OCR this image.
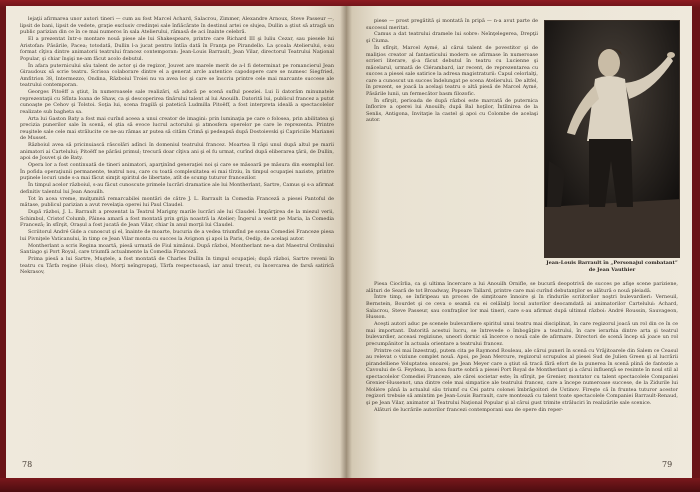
lejaţii afirmarea unor autori tineri — cum au fost Marcel Achard, Salacrou, Zimmer, Alexandre Arnoux, Steve Passeur —, lipsit de bani, lipsit de vedete, graţie exclusiv credinţei sale înfiăcărate în destinul artei ce slujea, Dullin a ştiut să atragă un public parizian din ce în ce mai numeros în sala Atelierului, rămasă de aci înainte celebră.

El a prezentat într-o montare nouă piese ale lui Shakespeare, printre care Richard III şi Iuliu Cezar, sau piesele lui Aristofan: Păsările, Pacea; totodată, Dullin l-a jucat pentru întîia dată în Franţa pe Pirandello. La şcoala Atelierului, s-au format cîţiva dintre animatorii teatrului francez contemporan: Jean-Louis Barrault, Jean Vilar, directorul Teatrului Naţional Popular, şi chiar înşişi ne-am făcut acolo debutul.

În afara puternicului său talent de actor şi de regizor, Jouvet are marele merit de a-l fi determinat pe romancierul Jean Giraudoux să scrie teatru. Scrisoa colaborare dintre el a generat arcle autentice capodopere care se numesc Siegfried, Amfitrion 38, Intermezzo, Ondina, Războiul Troiei nu va avea loc şi care se înscriu printre cele mai marcante succese ale teatrului contemporan.

Georges Pitoëff a ştiut, în numeroasele sale realizări, să aducă pe scenă suflul poeziei. Lui îi datorăm minunatele reprezentaţii cu Sfînta Ioana de Shaw, ca şi descoperirea tînărului talent al lui Anouilh. Datorită lui, publicul francez a putut cunoaşte pe Cehov şi Tolstoi. Soţia lui, scena fragilă şi patetică Ludmilla Pitoëff, a fost interpreta ideală a spectacolelor realizate sub bagheta sa.

Arta lui Gaston Baty a fost mai curînd aceea a unui creator de imagini: prin luminaţia pe care o folosea, prin abilitatea şi precizia punerilor sale în scenă, el ştia să evoce lucrul actorului şi atmosfera operelor pe care le reprezenta. Printre reuşitele sale cele mai strălucite ce ne-au rămas ar putea să cităm Crimă şi pedeapsă după Dostoievski şi Capriciile Marianei de Musset.

Războiul avea să pricinuiască răscolări adînci în domeniul teatrului francez. Moartea îl răpi unul după altul pe marii animatori ai Cartelului; Pitoëff ne părăsi primul; trecură doar cîţiva ani şi el fu urmat, curînd după eliberarea ţării, de Dullin, apoi de Jouvet şi de Baty.

Opera lor a fost continuată de tineri animatori, aparţinînd generaţiei noi şi care se măsoară pe măsura din exemplul lor. În pofida operaţiunii permanente, teatrul nou, care cu toată complexitatea ei mai tîrziu, în timpul ocupaţiei naziste, printre puţinele locuri unde s-a mai făcut simţit spiritul de libertate, atît de scump tuturor francezilor.

În timpul acelor războiul, s-au făcut cunoscute primele lucrări dramatice ale lui Montherlant, Sartre, Camus şi s-a afirmat definitiv talentul lui Jean Anouilh.

Tot în acea vreme, mulţumită remarcabilei montări de către J. L. Barrault la Comedia Franceză a piesei Pantoful de mătase, publicul parizian a avut revelaţia operei lui Paul Claudel.

După război, J. L. Barrault a prezentat la Teatrul Marigny marile lucrări ale lui Claudel: Împărţirea de la miezul verii, Schimbul, Cristof Columb, Pâinea amară a fost montată prin grija noastră la Atelier; Îngerul a vestit pe Maria, la Comedia Franceză; în sfîrşit, Orașul a fost jucată de Jean Vilar, chiar în anul morţii lui Claudel.

Scriitorul André Gide a cunoscut şi el, înainte de moarte, bucuria de a vedea triumfînd pe scena Comediei Franceze piesa lui Pivniţele Vaticanului, în timp ce Jean Vilar monta cu succes la Avignon şi apoi la Paris, Oedip, de acelaşi autor.

Montherlant a scris Regina moartă, piesă urmată de Fiul nimănui. După război, Montherlant ne-a dat Maestrul Ordinului Santiago şi Port Royal, care triumfă actualmente la Comedia Franceză.

Prima piesă a lui Sartre, Muştele, a fost montată de Charles Dullin în timpul ocupaţiei; după război, Sartre reveni în teatru cu Târfa reşine (Huis clos), Morţi neîngropaţi, Târfa respectuoasă, iar anul trecut, cu încercarea de farsă satirică Nekrasov,

78

piese — prost pregătită şi montată în pripă — n-a avut parte de succesul meritat.

Camus a dat teatrului dramele lui sobre: Neînţelegerea, Drepţii şi Ciuma.

În sfîrşit, Marcel Aymé, al cărui talent de povestitor şi de maliţios creator al fantasticului modern se afirmase în numeroase scrieri literare, şi-a făcut debutul în teatru cu Lucienne şi măcelarul, urmată de Clérambard, iar recent, de reprezentarea cu succes a piesei sale satirice la adresa magistraturii: Capul celorlalţi, care a cunoscut un succes îndelungat pe scena Atelierului. De altfel, în prezent, se joacă la acelaşi teatru o altă piesă de Marcel Aymé, Păsările lunii, un fermecător basm filozofic.

În sfîrşit, perioada de după război este marcată de puternica înflorire a operei lui Anouilh; după Bal hoţilor, Întîlnirea de la Senlis, Antigona, Invitaţie la castel şi apoi cu Colombe de acelaşi autor.

Jean-Louis Barrault în „Personajul combatant” de Jean Vauthier

Piesa Ciocîrlia, ca şi ultima încercare a lui Anouilh Ornifle, se bucură deopotrivă de succes pe afişe scene pariziene, alături de Seară de tot Broadway, Popoare Tallard, printre care mai curînd debutanţilor se alătură o nouă pleiadă.

Între timp, se înfiripeau un proces de simţitoare înnoire şi în rîndurile scriitorilor noştri bulevardieri: Verneuil, Bernstein, Bourdet şi ce ceva o seamă cu ei celălalţi locul autorilor deocamdată ai animatorilor Cartelului: Achard, Salacrou, Steve Passeur, sau confraţilor lor mai tineri, care s-au afirmat după ultimul război: André Roussin, Sauvageon, Husson.

Aceşti autori aduc pe scenele bulevardiere spiritul unui teatru mai disciplinat, în care regizorul joacă un rol din ce în ce mai important. Datorită acestui lucru, se întrevede o îmbogăţire a teatrului, în care ierarhia dintre arta şi teatrul bulevardier, acceasi regiziune, uneori dornic să încerce o nouă cale de afirmare. Directori de scenă încep să joace un rol precumpănitor în actuala orientare a teatrului francez.

Printre cei mai înzestraţi, putem cita pe Raymond Rouleau, ale cărui puneri în scenă cu Vrăjitoarele din Salem ce Ceasul au relevat o viziune complet nouă. Apoi, pe Jean Mercure, regizorul scrupulos al piesei Sud de Julien Green şi al lucrării pirandelliene Voluptatea onoarei; pe Jean Meyer care a ştiut să tracă fără efort de la punerea în scenă plină de fantezie a Cavoului de G. Feydeau, la acea foarte sobră a piesei Port Royal de Montherlant şi a cărui influenţă se resimte în noul stil al spectacolelor Comediei Franceze, ale cărei societar este; în sfîrşit, pe Grenier, montator cu talent spectacolele Companiei Grenier-Hussenot, una dintre cele mai simpatice ale teatrului francez, care a începe numeroase succese, de la Zidurile lui Molière până la actualul său triumf cu Cei patru colonei îmbrăgoitori de Ustinov. Fireşte că în fruntea tuturor acestor regizori trebuie să amintim pe Jean-Louis Barrault, care montează cu talent toate spectacolele Companiei Barrault-Renaud, şi pe Jean Vilar, animator al Teatrului Naţional Popular şi al cărui gust trimite străluciri în realizările sale scenice.

Alături de lucrările autorilor francezi contemporani sau de opere din reper-

79
